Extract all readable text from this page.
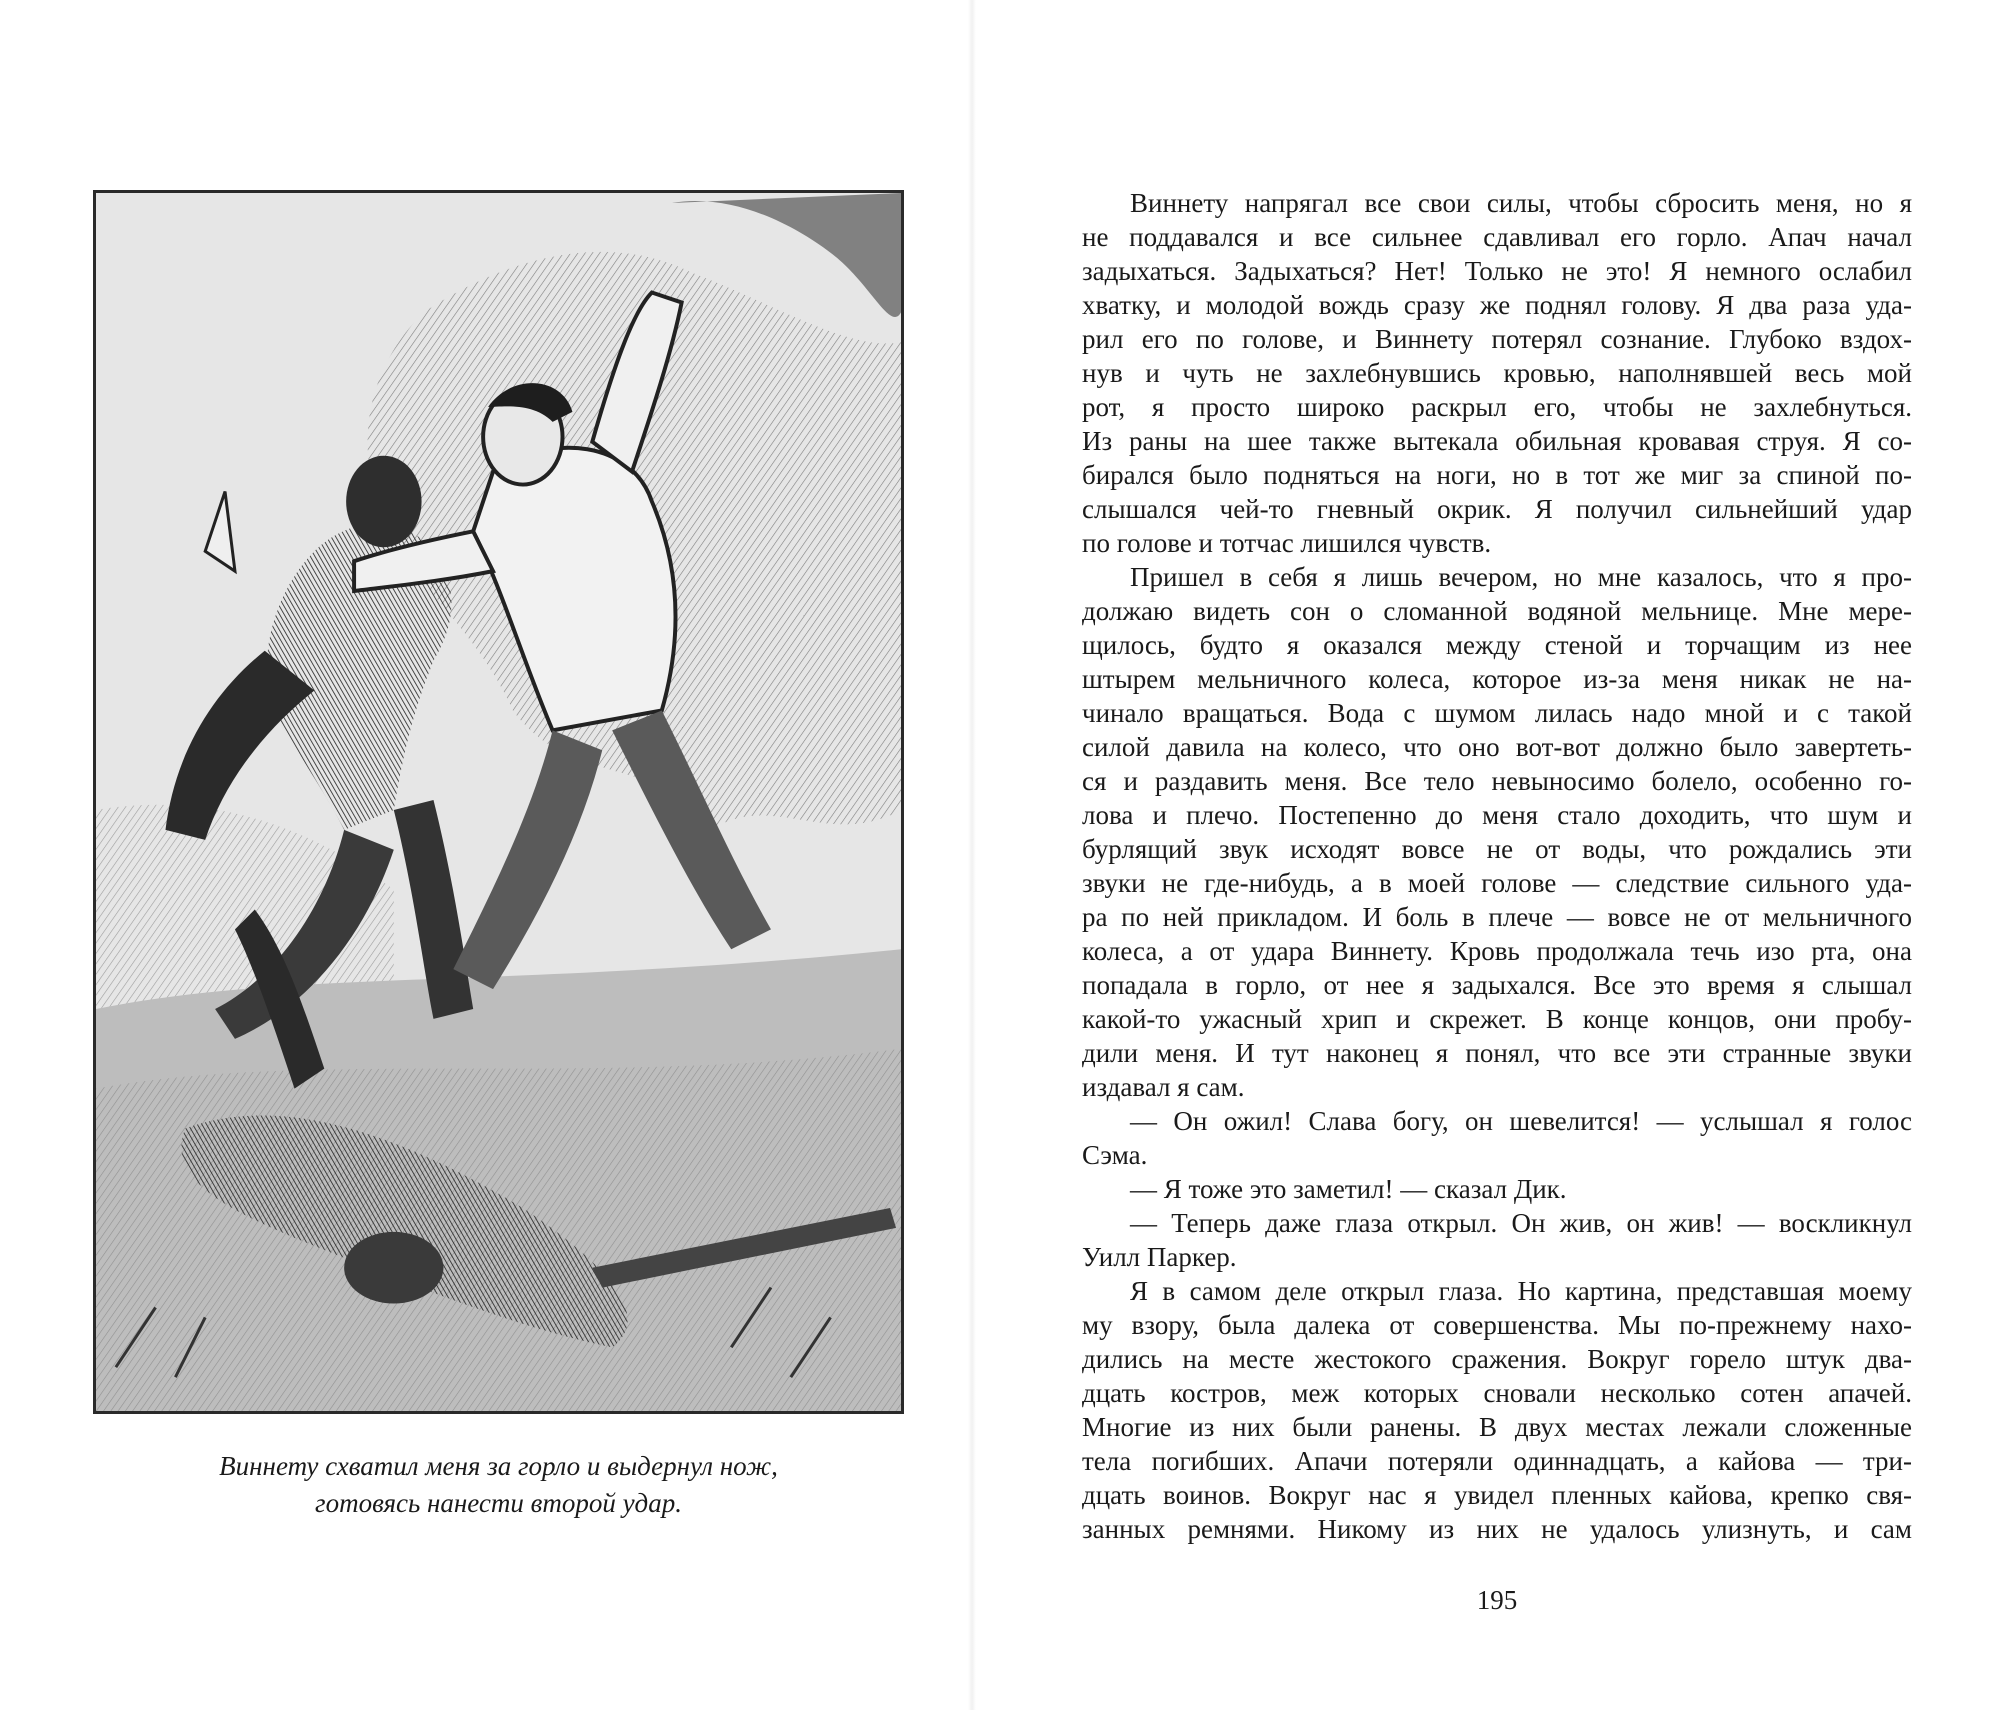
Виннету схватил меня за горло и выдернул нож,
готовясь нанести второй удар.
Виннету напрягал все свои силы, чтобы сбросить меня, но я
не поддавался и все сильнее сдавливал его горло. Апач начал
задыхаться. Задыхаться? Нет! Только не это! Я немного ослабил
хватку, и молодой вождь сразу же поднял голову. Я два раза уда-
рил его по голове, и Виннету потерял сознание. Глубоко вздох-
нув и чуть не захлебнувшись кровью, наполнявшей весь мой
рот, я просто широко раскрыл его, чтобы не захлебнуться.
Из раны на шее также вытекала обильная кровавая струя. Я со-
бирался было подняться на ноги, но в тот же миг за спиной по-
слышался чей-то гневный окрик. Я получил сильнейший удар
по голове и тотчас лишился чувств.
Пришел в себя я лишь вечером, но мне казалось, что я про-
должаю видеть сон о сломанной водяной мельнице. Мне мере-
щилось, будто я оказался между стеной и торчащим из нее
штырем мельничного колеса, которое из-за меня никак не на-
чинало вращаться. Вода с шумом лилась надо мной и с такой
силой давила на колесо, что оно вот-вот должно было завертеть-
ся и раздавить меня. Все тело невыносимо болело, особенно го-
лова и плечо. Постепенно до меня стало доходить, что шум и
бурлящий звук исходят вовсе не от воды, что рождались эти
звуки не где-нибудь, а в моей голове — следствие сильного уда-
ра по ней прикладом. И боль в плече — вовсе не от мельничного
колеса, а от удара Виннету. Кровь продолжала течь изо рта, она
попадала в горло, от нее я задыхался. Все это время я слышал
какой-то ужасный хрип и скрежет. В конце концов, они пробу-
дили меня. И тут наконец я понял, что все эти странные звуки
издавал я сам.
— Он ожил! Слава богу, он шевелится! — услышал я голос
Сэма.
— Я тоже это заметил! — сказал Дик.
— Теперь даже глаза открыл. Он жив, он жив! — воскликнул
Уилл Паркер.
Я в самом деле открыл глаза. Но картина, представшая моему
му взору, была далека от совершенства. Мы по-прежнему нахо-
дились на месте жестокого сражения. Вокруг горело штук два-
дцать костров, меж которых сновали несколько сотен апачей.
Многие из них были ранены. В двух местах лежали сложенные
тела погибших. Апачи потеряли одиннадцать, а кайова — три-
дцать воинов. Вокруг нас я увидел пленных кайова, крепко свя-
занных ремнями. Никому из них не удалось улизнуть, и сам
195
